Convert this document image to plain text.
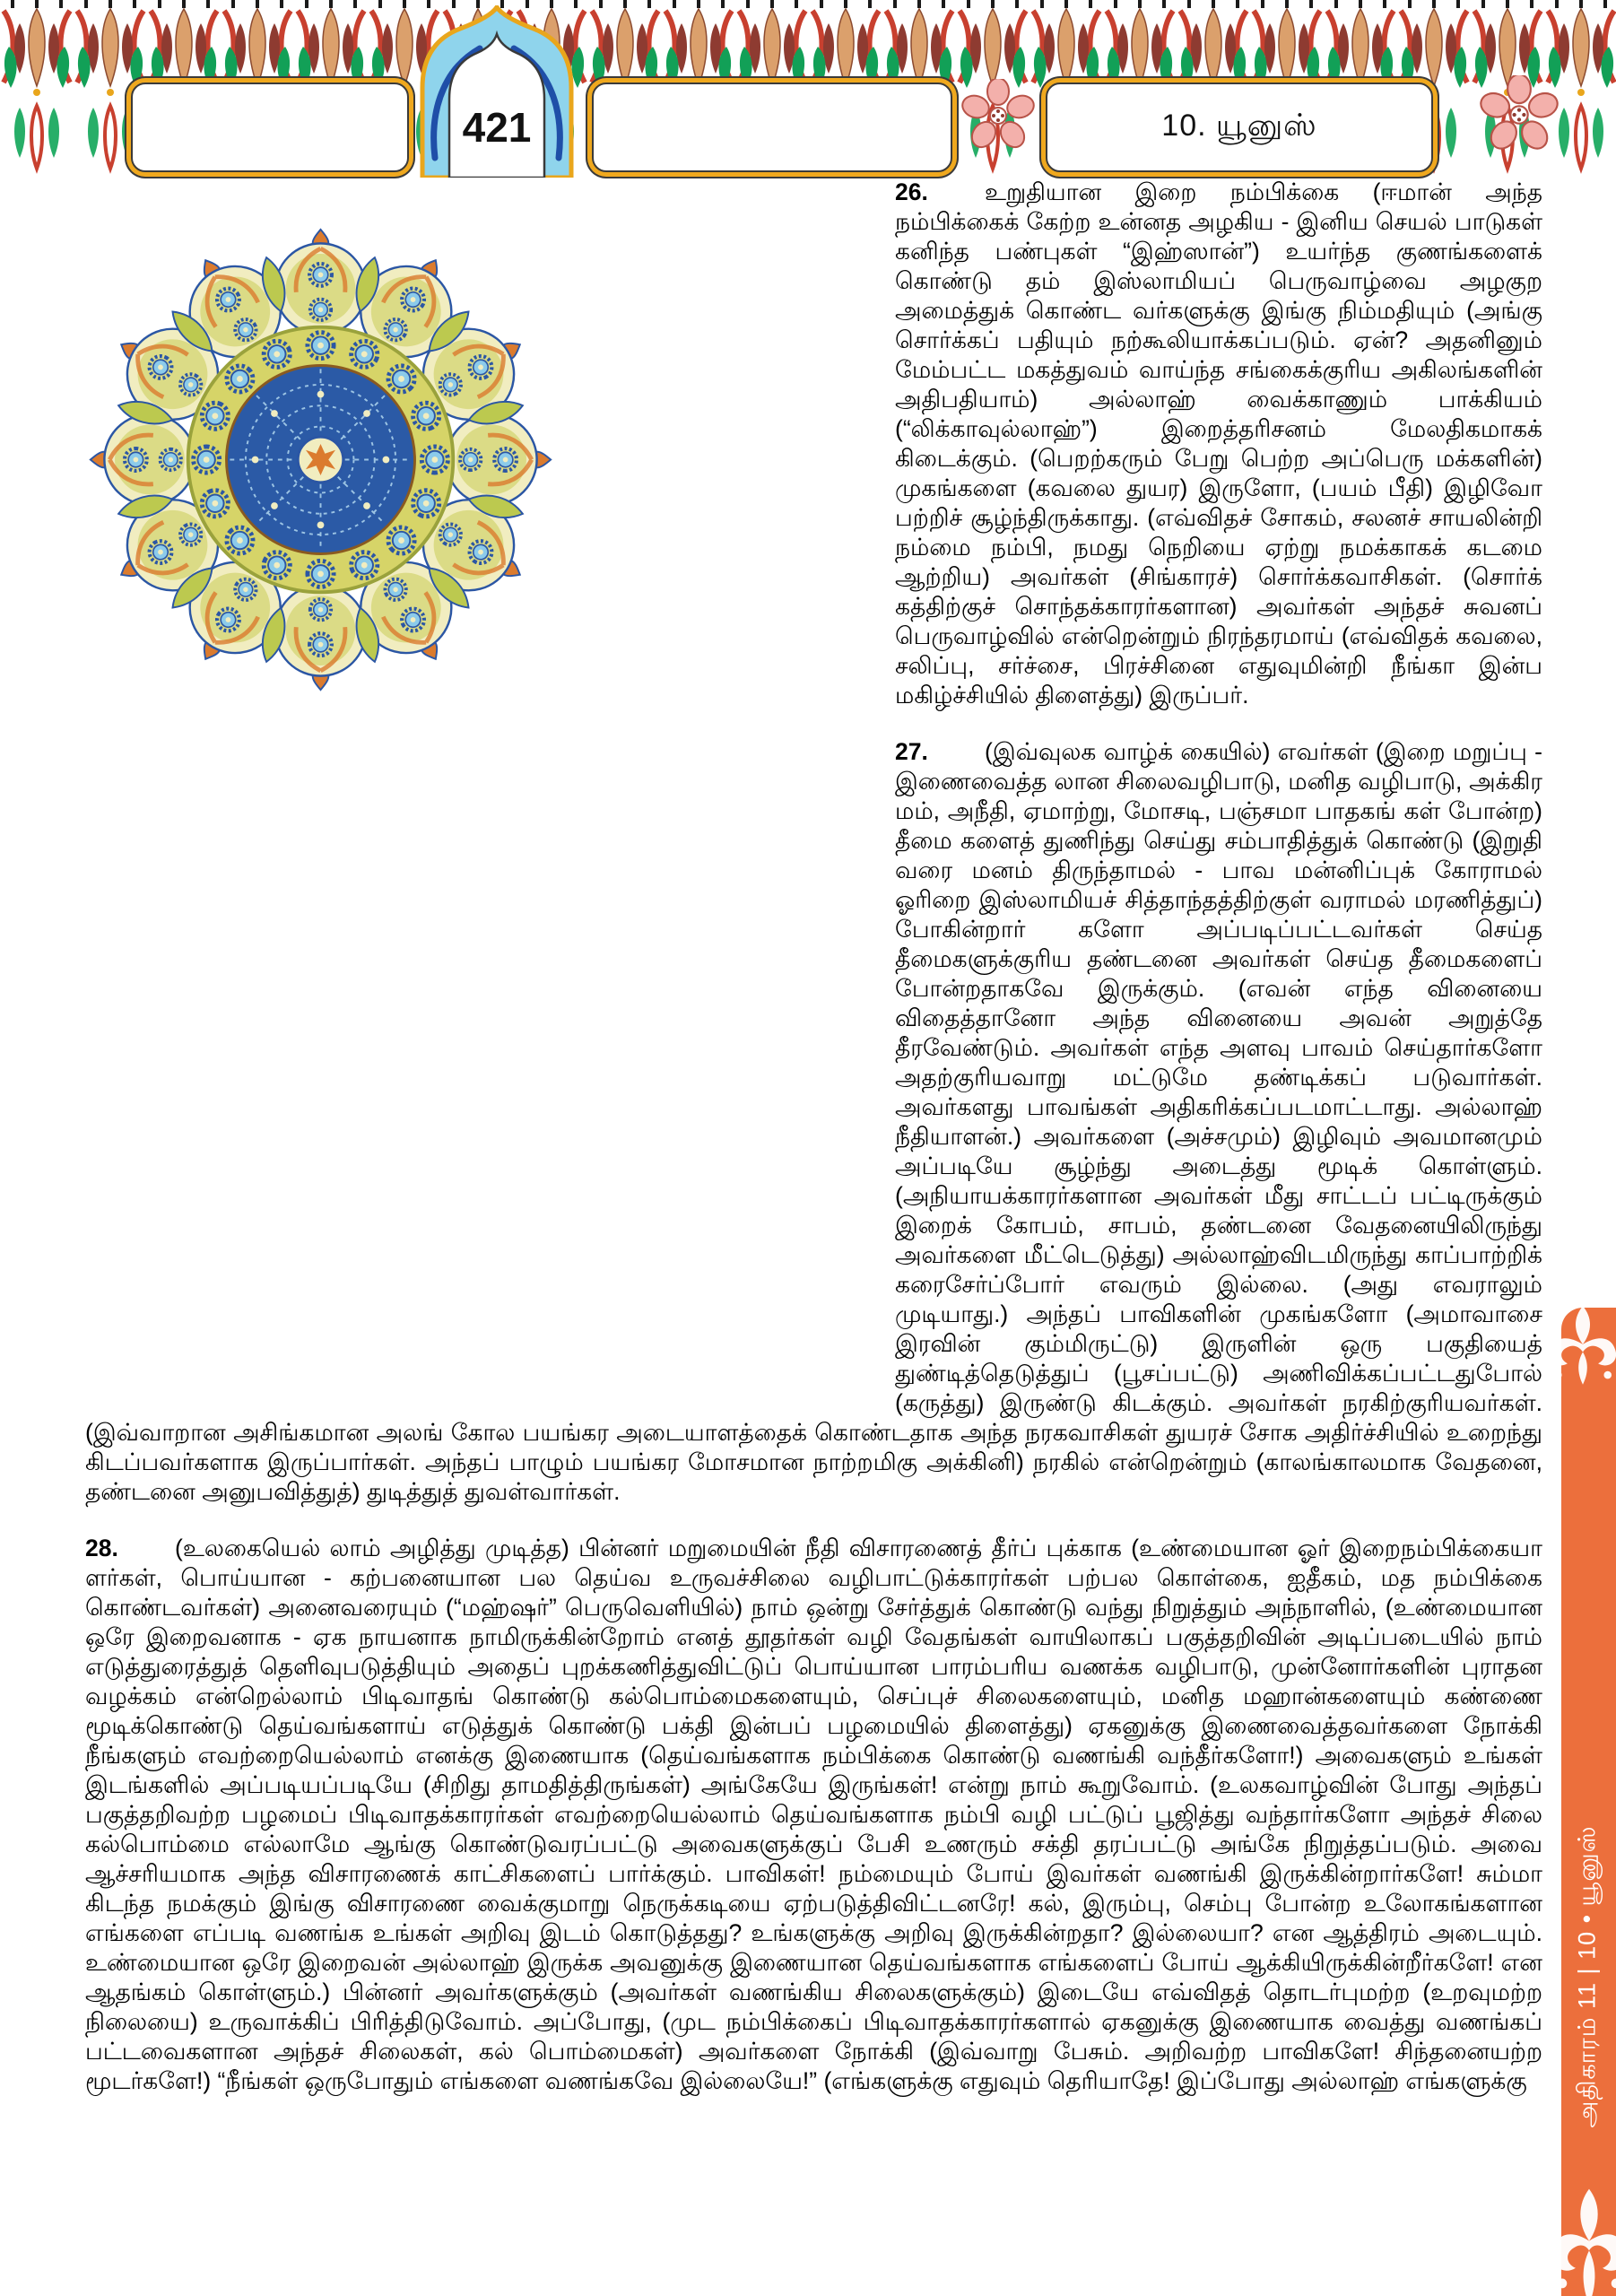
421	10. யூனுஸ்

26. உறுதியான இறை நம்பிக்கை (ஈமான் அந்த நம்பிக்கைக் கேற்ற உன்னத அழகிய - இனிய செயல் பாடுகள் கனிந்த பண்புகள் “இஹ்ஸான்”) உயர்ந்த குணங்களைக் கொண்டு தம் இஸ்லாமியப் பெருவாழ்வை அழகுற அமைத்துக் கொண்ட வர்களுக்கு இங்கு நிம்மதியும் (அங்கு சொர்க்கப் பதியும் நற்கூலியாக்கப்படும். ஏன்? அதனினும் மேம்பட்ட மகத்துவம் வாய்ந்த சங்கைக்குரிய அகிலங்களின் அதிபதியாம்) அல்லாஹ் வைக்காணும் பாக்கியம் (“லிக்காவுல்லாஹ்”) இறைத்தரிசனம் மேலதிகமாகக் கிடைக்கும். (பெறற்கரும் பேறு பெற்ற அப்பெரு மக்களின்) முகங்களை (கவலை துயர) இருளோ, (பயம் பீதி) இழிவோ பற்றிச் சூழ்ந்திருக்காது. (எவ்விதச் சோகம், சலனச் சாயலின்றி நம்மை நம்பி, நமது நெறியை ஏற்று நமக்காகக் கடமை ஆற்றிய) அவர்கள் (சிங்காரச்) சொர்க்கவாசிகள். (சொர்க் கத்திற்குச் சொந்தக்காரர்களான) அவர்கள் அந்தச் சுவனப் பெருவாழ்வில் என்றென்றும் நிரந்தரமாய் (எவ்விதக் கவலை, சலிப்பு, சர்ச்சை, பிரச்சினை எதுவுமின்றி நீங்கா இன்ப மகிழ்ச்சியில் திளைத்து) இருப்பர்.

27. (இவ்வுலக வாழ்க் கையில்) எவர்கள் (இறை மறுப்பு - இணைவைத்த லான சிலைவழிபாடு, மனித வழிபாடு, அக்கிர மம், அநீதி, ஏமாற்று, மோசடி, பஞ்சமா பாதகங் கள் போன்ற) தீமை களைத் துணிந்து செய்து சம்பாதித்துக் கொண்டு (இறுதி வரை மனம் திருந்தாமல் - பாவ மன்னிப்புக் கோராமல் ஓரிறை இஸ்லாமியச் சித்தாந்தத்திற்குள் வராமல் மரணித்துப்) போகின்றார் களோ அப்படிப்பட்டவர்கள் செய்த தீமைகளுக்குரிய தண்டனை அவர்கள் செய்த தீமைகளைப் போன்றதாகவே இருக்கும். (எவன் எந்த வினையை விதைத்தானோ அந்த வினையை அவன் அறுத்தே தீரவேண்டும். அவர்கள் எந்த அளவு பாவம் செய்தார்களோ அதற்குரியவாறு மட்டுமே தண்டிக்கப் படுவார்கள். அவர்களது பாவங்கள் அதிகரிக்கப்படமாட்டாது. அல்லாஹ் நீதியாளன்.) அவர்களை (அச்சமும்) இழிவும் அவமானமும் அப்படியே சூழ்ந்து அடைத்து மூடிக் கொள்ளும். (அநியாயக்காரர்களான அவர்கள் மீது சாட்டப் பட்டிருக்கும் இறைக் கோபம், சாபம், தண்டனை வேதனையிலிருந்து அவர்களை மீட்டெடுத்து) அல்லாஹ்விடமிருந்து காப்பாற்றிக் கரைசேர்ப்போர் எவரும் இல்லை. (அது எவராலும் முடியாது.) அந்தப் பாவிகளின் முகங்களோ (அமாவாசை இரவின் கும்மிருட்டு) இருளின் ஒரு பகுதியைத் துண்டித்தெடுத்துப் (பூசப்பட்டு) அணிவிக்கப்பட்டதுபோல் (கருத்து) இருண்டு கிடக்கும். அவர்கள் நரகிற்குரியவர்கள். (இவ்வாறான அசிங்கமான அலங் கோல பயங்கர அடையாளத்தைக் கொண்டதாக அந்த நரகவாசிகள் துயரச் சோக அதிர்ச்சியில் உறைந்து கிடப்பவர்களாக இருப்பார்கள். அந்தப் பாழும் பயங்கர மோசமான நாற்றமிகு அக்கினி) நரகில் என்றென்றும் (காலங்காலமாக வேதனை, தண்டனை அனுபவித்துத்) துடித்துத் துவள்வார்கள்.

28. (உலகையெல் லாம் அழித்து முடித்த) பின்னர் மறுமையின் நீதி விசாரணைத் தீர்ப் புக்காக (உண்மையான ஓர் இறைநம்பிக்கையா ளர்கள், பொய்யான - கற்பனையான பல தெய்வ உருவச்சிலை வழிபாட்டுக்காரர்கள் பற்பல கொள்கை, ஐதீகம், மத நம்பிக்கை கொண்டவர்கள்) அனைவரையும் (“மஹ்ஷர்” பெருவெளியில்) நாம் ஒன்று சேர்த்துக் கொண்டு வந்து நிறுத்தும் அந்நாளில், (உண்மையான ஒரே இறைவனாக - ஏக நாயனாக நாமிருக்கின்றோம் எனத் தூதர்கள் வழி வேதங்கள் வாயிலாகப் பகுத்தறிவின் அடிப்படையில் நாம் எடுத்துரைத்துத் தெளிவுபடுத்தியும் அதைப் புறக்கணித்துவிட்டுப் பொய்யான பாரம்பரிய வணக்க வழிபாடு, முன்னோர்களின் புராதன வழக்கம் என்றெல்லாம் பிடிவாதங் கொண்டு கல்பொம்மைகளையும், செப்புச் சிலைகளையும், மனித மஹான்களையும் கண்ணை மூடிக்கொண்டு தெய்வங்களாய் எடுத்துக் கொண்டு பக்தி இன்பப் பழமையில் திளைத்து) ஏகனுக்கு இணைவைத்தவர்களை நோக்கி நீங்களும் எவற்றையெல்லாம் எனக்கு இணையாக (தெய்வங்களாக நம்பிக்கை கொண்டு வணங்கி வந்தீர்களோ!) அவைகளும் உங்கள் இடங்களில் அப்படியப்படியே (சிறிது தாமதித்திருங்கள்) அங்கேயே இருங்கள்! என்று நாம் கூறுவோம். (உலகவாழ்வின் போது அந்தப் பகுத்தறிவற்ற பழமைப் பிடிவாதக்காரர்கள் எவற்றையெல்லாம் தெய்வங்களாக நம்பி வழி பட்டுப் பூஜித்து வந்தார்களோ அந்தச் சிலை கல்பொம்மை எல்லாமே ஆங்கு கொண்டுவரப்பட்டு அவைகளுக்குப் பேசி உணரும் சக்தி தரப்பட்டு அங்கே நிறுத்தப்படும். அவை ஆச்சரியமாக அந்த விசாரணைக் காட்சிகளைப் பார்க்கும். பாவிகள்! நம்மையும் போய் இவர்கள் வணங்கி இருக்கின்றார்களே! சும்மா கிடந்த நமக்கும் இங்கு விசாரணை வைக்குமாறு நெருக்கடியை ஏற்படுத்திவிட்டனரே! கல், இரும்பு, செம்பு போன்ற உலோகங்களான எங்களை எப்படி வணங்க உங்கள் அறிவு இடம் கொடுத்தது? உங்களுக்கு அறிவு இருக்கின்றதா? இல்லையா? என ஆத்திரம் அடையும். உண்மையான ஒரே இறைவன் அல்லாஹ் இருக்க அவனுக்கு இணையான தெய்வங்களாக எங்களைப் போய் ஆக்கியிருக்கின்றீர்களே! என ஆதங்கம் கொள்ளும்.) பின்னர் அவர்களுக்கும் (அவர்கள் வணங்கிய சிலைகளுக்கும்) இடையே எவ்விதத் தொடர்புமற்ற (உறவுமற்ற நிலையை) உருவாக்கிப் பிரித்திடுவோம். அப்போது, (முட நம்பிக்கைப் பிடிவாதக்காரர்களால் ஏகனுக்கு இணையாக வைத்து வணங்கப் பட்டவைகளான அந்தச் சிலைகள், கல் பொம்மைகள்) அவர்களை நோக்கி (இவ்வாறு பேசும். அறிவற்ற பாவிகளே! சிந்தனையற்ற மூடர்களே!) “நீங்கள் ஒருபோதும் எங்களை வணங்கவே இல்லையே!” (எங்களுக்கு எதுவும் தெரியாதே! இப்போது அல்லாஹ் எங்களுக்கு	அதிகாரம் 11 | 10 • யூனுஸ்
